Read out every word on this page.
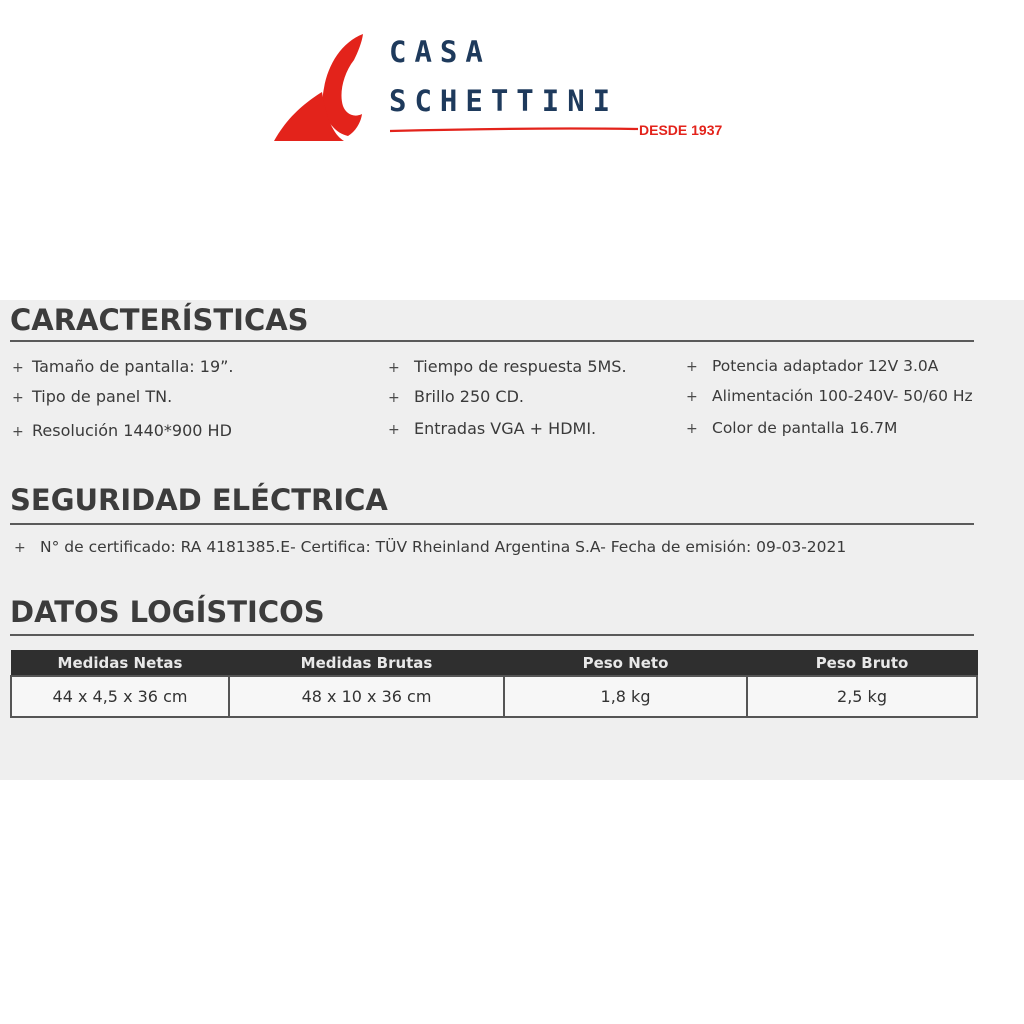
CASA
SCHETTINI
DESDE 1937
CARACTERÍSTICAS
+ Tamaño de pantalla: 19”.
+ Tipo de panel TN.
+ Resolución 1440*900 HD
+ Tiempo de respuesta 5MS.
+ Brillo 250 CD.
+ Entradas VGA + HDMI.
+ Potencia adaptador 12V 3.0A
+ Alimentación 100-240V- 50/60 Hz
+ Color de pantalla 16.7M
SEGURIDAD ELÉCTRICA
+ N° de certificado: RA 4181385.E- Certifica: TÜV Rheinland Argentina S.A- Fecha de emisión: 09-03-2021
DATOS LOGÍSTICOS
Medidas Netas	Medidas Brutas	Peso Neto	Peso Bruto
44 x 4,5 x 36 cm	48 x 10 x 36 cm	1,8 kg	2,5 kg
